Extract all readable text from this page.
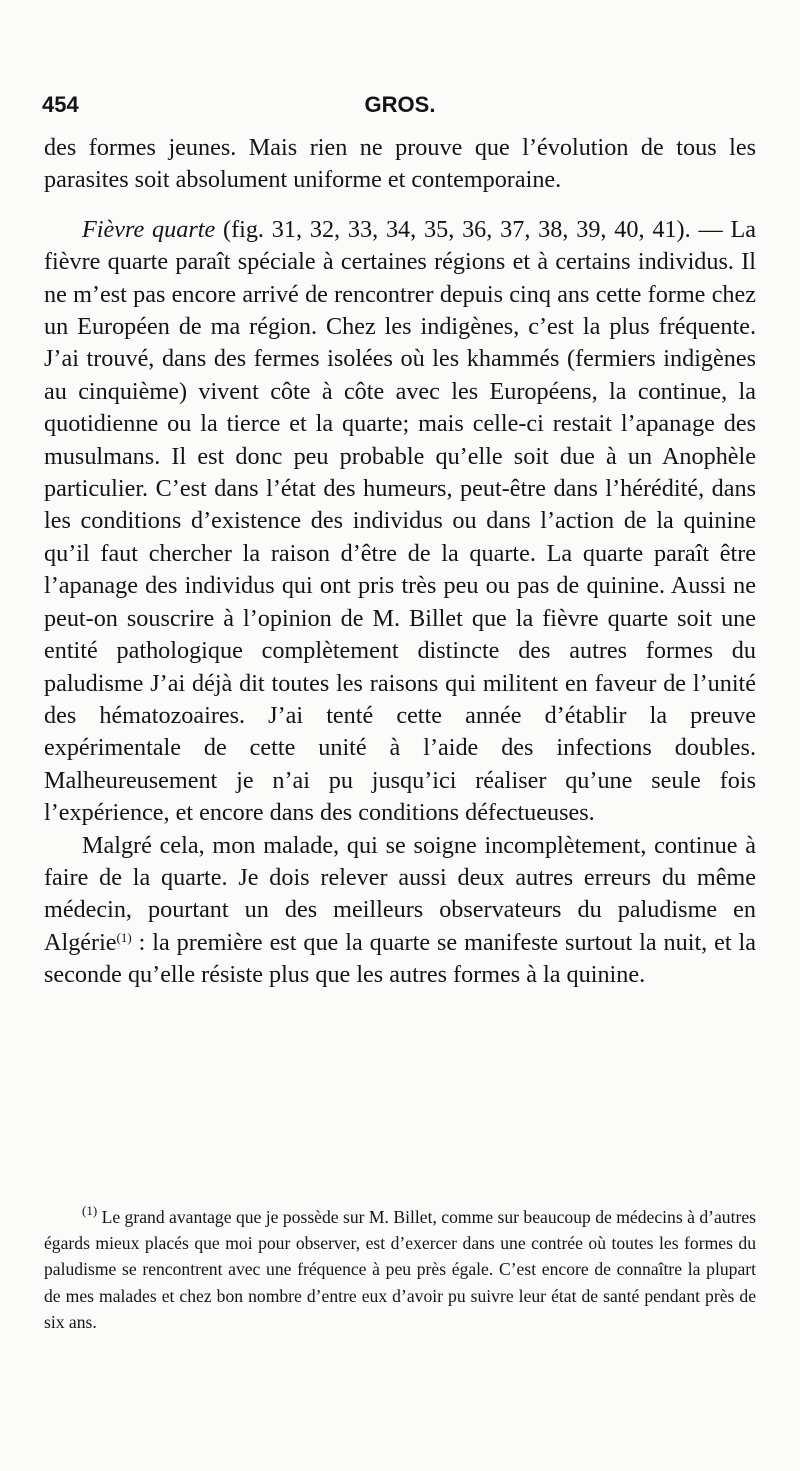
454	GROS.

des formes jeunes. Mais rien ne prouve que l’évolution de tous les parasites soit absolument uniforme et contemporaine.

Fièvre quarte (fig. 31, 32, 33, 34, 35, 36, 37, 38, 39, 40, 41). — La fièvre quarte paraît spéciale à certaines régions et à certains individus. Il ne m’est pas encore arrivé de rencontrer depuis cinq ans cette forme chez un Européen de ma région. Chez les indigènes, c’est la plus fréquente. J’ai trouvé, dans des fermes isolées où les khammés (fermiers indigènes au cinquième) vivent côte à côte avec les Européens, la continue, la quotidienne ou la tierce et la quarte; mais celle-ci restait l’apanage des musulmans. Il est donc peu probable qu’elle soit due à un Anophèle particulier. C’est dans l’état des humeurs, peut-être dans l’hérédité, dans les conditions d’existence des individus ou dans l’action de la quinine qu’il faut chercher la raison d’être de la quarte. La quarte paraît être l’apanage des individus qui ont pris très peu ou pas de quinine. Aussi ne peut-on souscrire à l’opinion de M. Billet que la fièvre quarte soit une entité pathologique complètement distincte des autres formes du paludisme J’ai déjà dit toutes les raisons qui militent en faveur de l’unité des hématozoaires. J’ai tenté cette année d’établir la preuve expérimentale de cette unité à l’aide des infections doubles. Malheureusement je n’ai pu jusqu’ici réaliser qu’une seule fois l’expérience, et encore dans des conditions défectueuses.

Malgré cela, mon malade, qui se soigne incomplètement, continue à faire de la quarte. Je dois relever aussi deux autres erreurs du même médecin, pourtant un des meilleurs observateurs du paludisme en Algérie$^{(1)}$ : la première est que la quarte se manifeste surtout la nuit, et la seconde qu’elle résiste plus que les autres formes à la quinine.

$^{(1)}$ Le grand avantage que je possède sur M. Billet, comme sur beaucoup de médecins à d’autres égards mieux placés que moi pour observer, est d’exercer dans une contrée où toutes les formes du paludisme se rencontrent avec une fréquence à peu près égale. C’est encore de connaître la plupart de mes malades et chez bon nombre d’entre eux d’avoir pu suivre leur état de santé pendant près de six ans.
